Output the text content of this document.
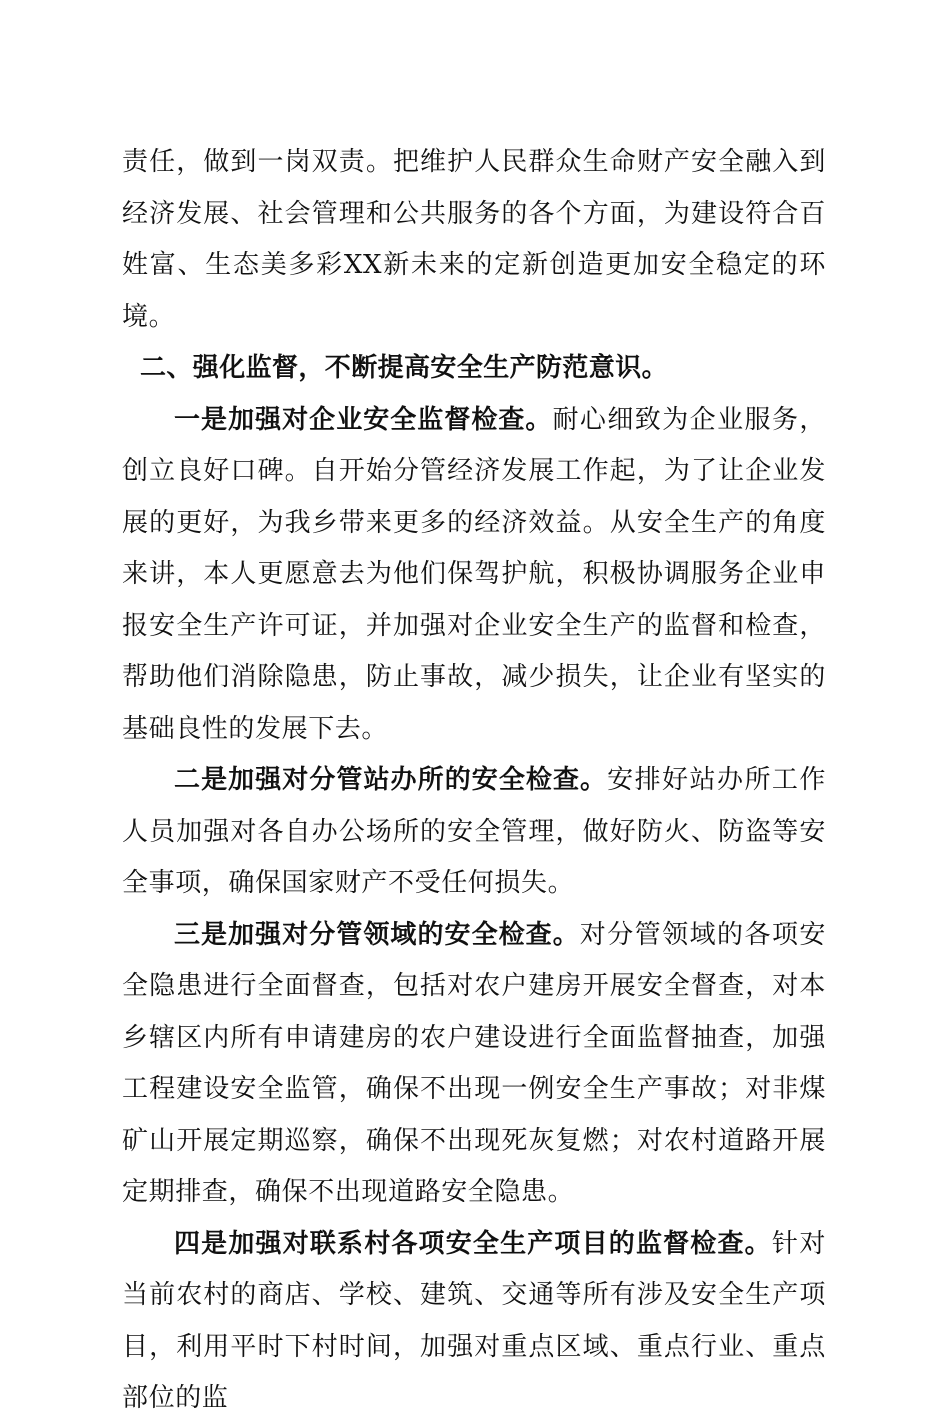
责任，做到一岗双责。把维护人民群众生命财产安全融入到经济发展、社会管理和公共服务的各个方面，为建设符合百姓富、生态美多彩XX新未来的定新创造更加安全稳定的环境。

二、强化监督，不断提高安全生产防范意识。

一是加强对企业安全监督检查。耐心细致为企业服务，创立良好口碑。自开始分管经济发展工作起，为了让企业发展的更好，为我乡带来更多的经济效益。从安全生产的角度来讲，本人更愿意去为他们保驾护航，积极协调服务企业申报安全生产许可证，并加强对企业安全生产的监督和检查，帮助他们消除隐患，防止事故，减少损失，让企业有坚实的基础良性的发展下去。

二是加强对分管站办所的安全检查。安排好站办所工作人员加强对各自办公场所的安全管理，做好防火、防盗等安全事项，确保国家财产不受任何损失。

三是加强对分管领域的安全检查。对分管领域的各项安全隐患进行全面督查，包括对农户建房开展安全督查，对本乡辖区内所有申请建房的农户建设进行全面监督抽查，加强工程建设安全监管，确保不出现一例安全生产事故；对非煤矿山开展定期巡察，确保不出现死灰复燃；对农村道路开展定期排查，确保不出现道路安全隐患。

四是加强对联系村各项安全生产项目的监督检查。针对当前农村的商店、学校、建筑、交通等所有涉及安全生产项目，利用平时下村时间，加强对重点区域、重点行业、重点部位的监
